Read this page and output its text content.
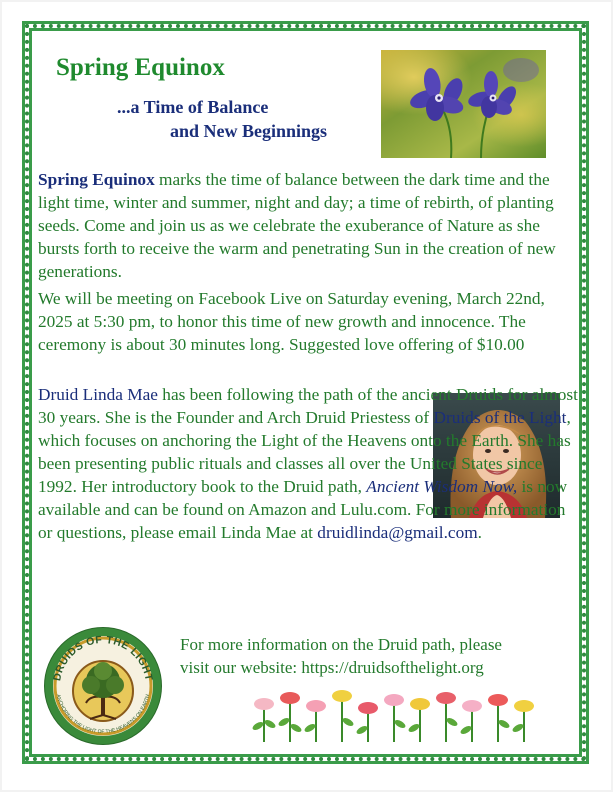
Spring Equinox
...a Time of Balance
and New Beginnings
Spring Equinox marks the time of balance between the dark time and the light time, winter and summer, night and day; a time of rebirth, of planting seeds. Come and join us as we celebrate the exuberance of Nature as she bursts forth to receive the warm and penetrating Sun in the creation of new generations.
We will be meeting on Facebook Live on Saturday evening, March 22nd, 2025 at 5:30 pm, to honor this time of new growth and innocence. The ceremony is about 30 minutes long. Suggested love offering of $10.00
Druid Linda Mae has been following the path of the ancient Druids for almost 30 years. She is the Founder and Arch Druid Priestess of Druids of the Light, which focuses on anchoring the Light of the Heavens onto the Earth. She has been presenting public rituals and classes all over the United States since 1992. Her introductory book to the Druid path, Ancient Wisdom Now, is now available and can be found on Amazon and Lulu.com. For more information or questions, please email Linda Mae at druidlinda@gmail.com.
DRUIDS OF THE LIGHT
ANCHORING THE LIGHT OF THE HEAVENS ON EARTH
For more information on the Druid path, please

visit our website: https://druidsofthelight.org
